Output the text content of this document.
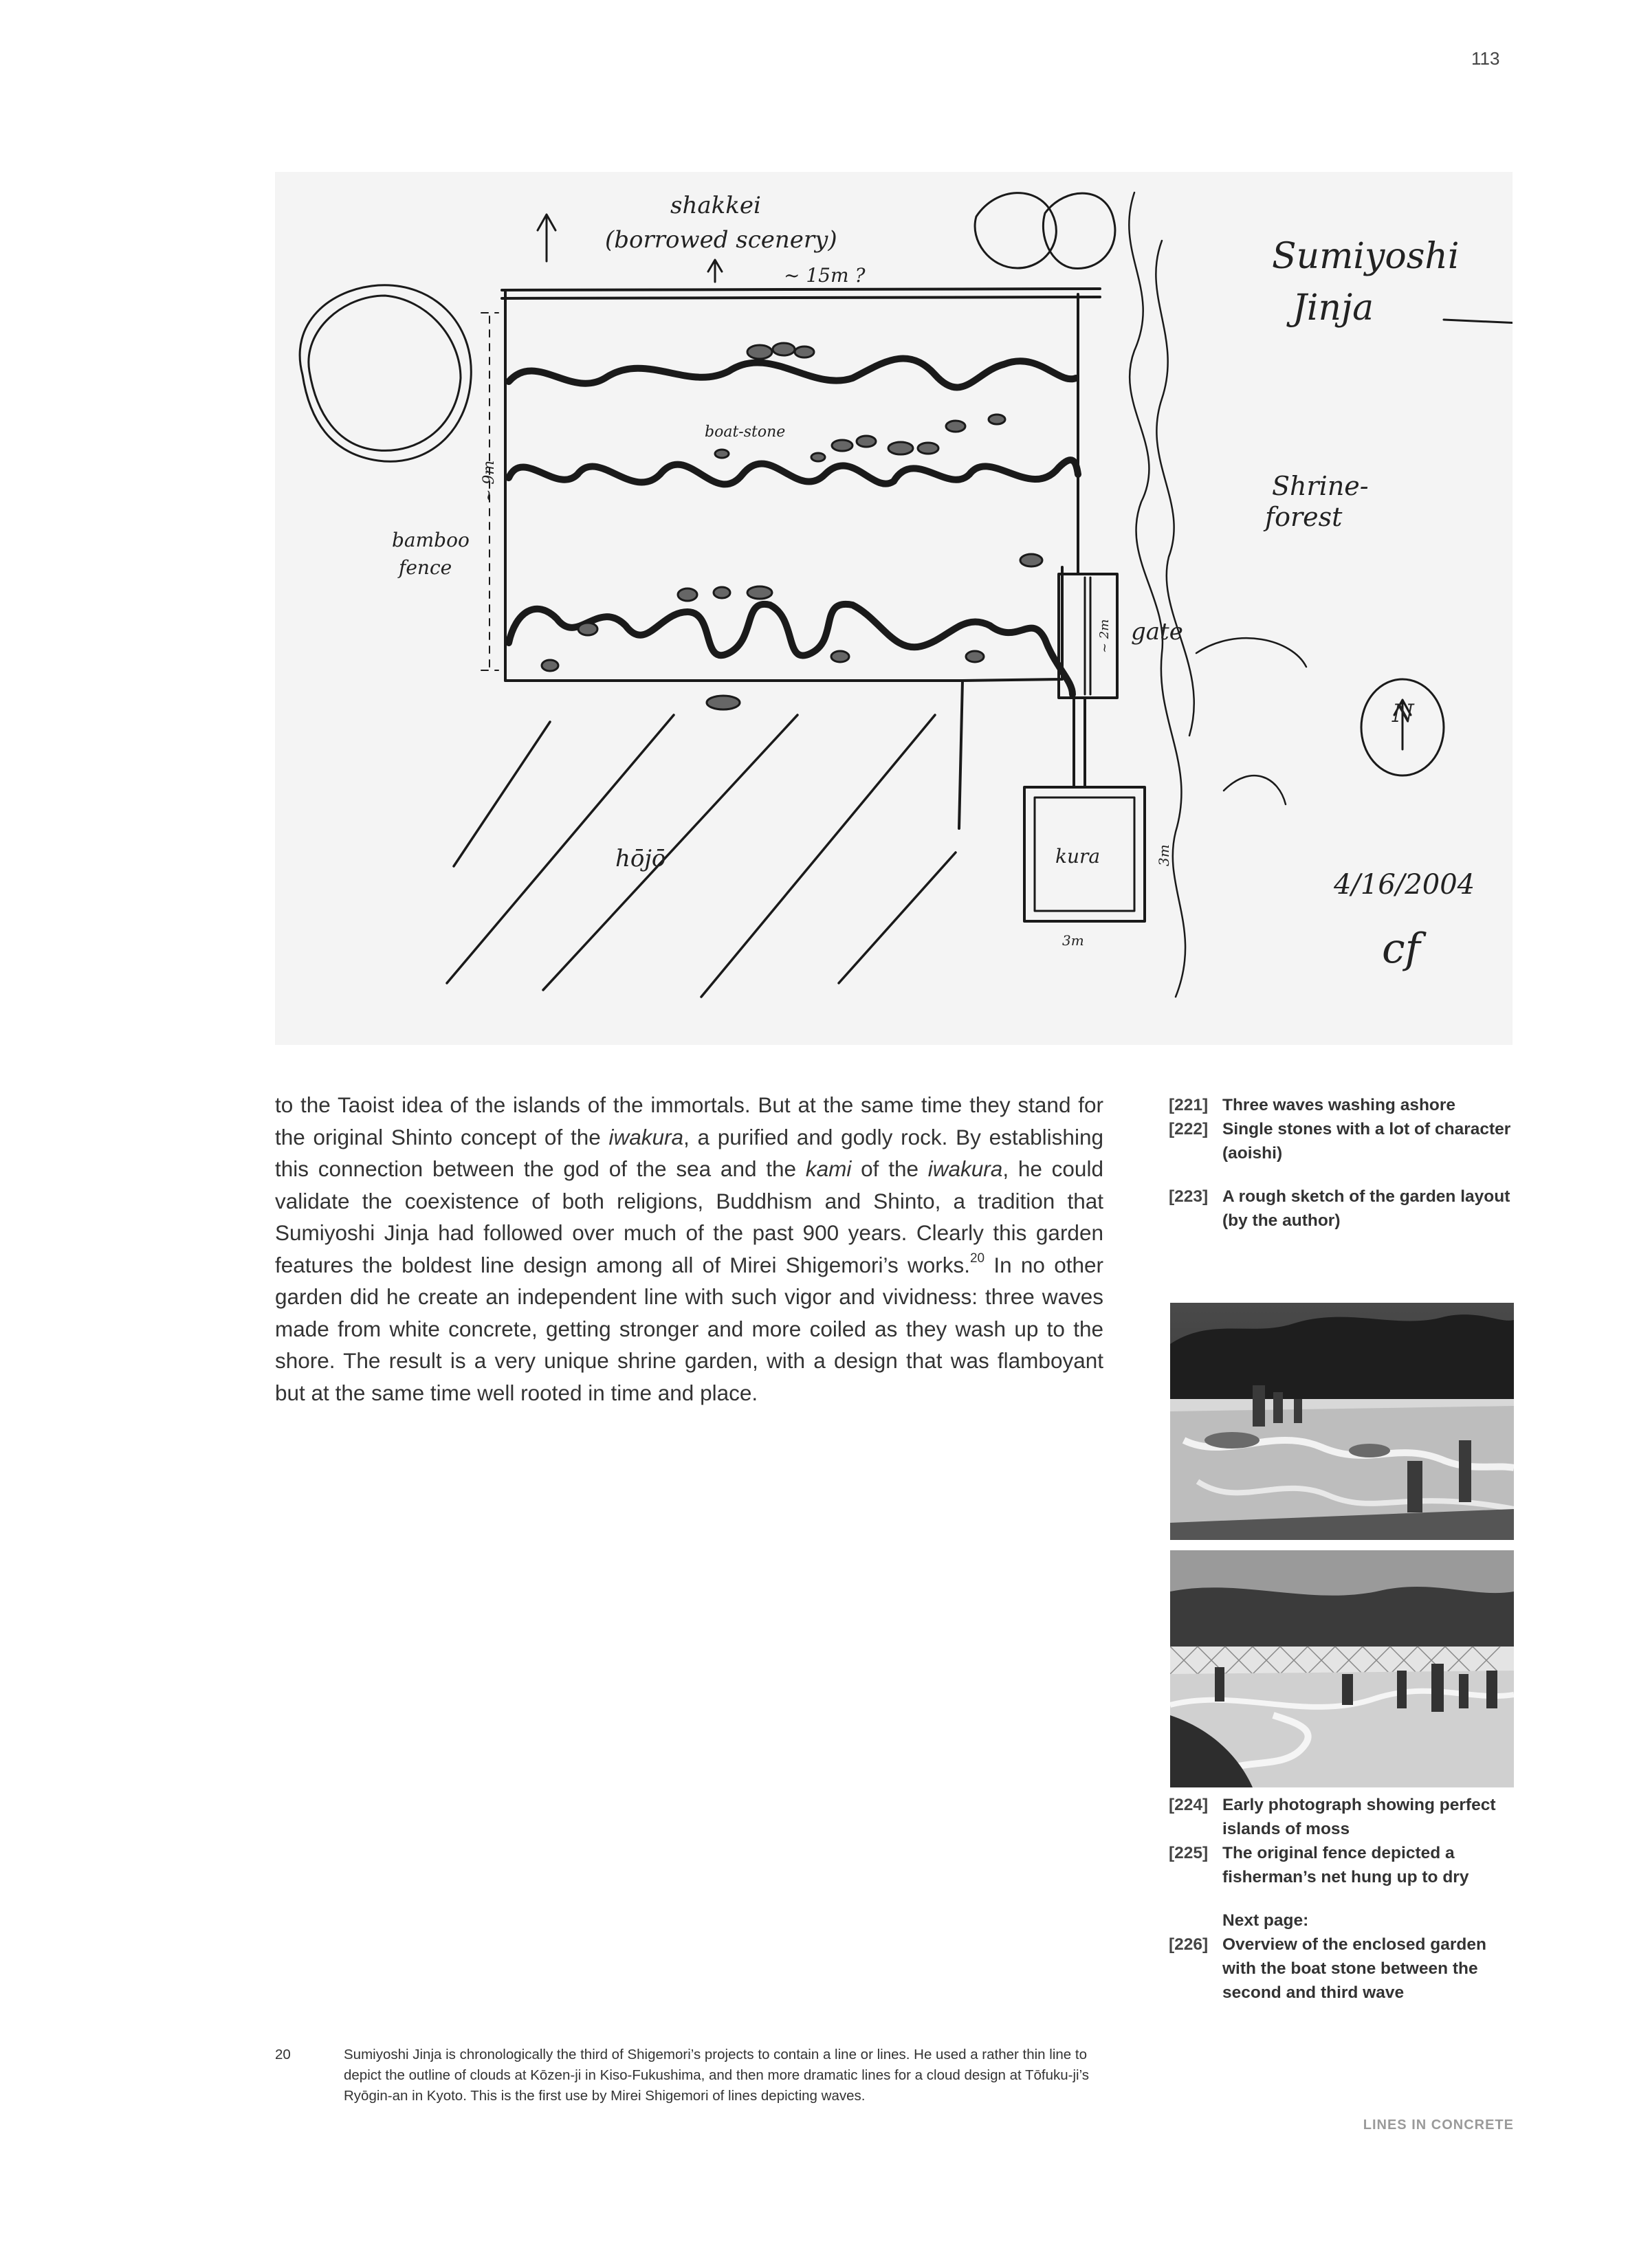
113
shakkei
(borrowed scenery)
~ 15m ?	Sumiyoshi
Jinja
Shrine-
forest
bamboo
fence
~ 9m
boat-stone
gate
~ 2m
N
hōjō	kura
3m
3m
4/16/2004
cf
to the Taoist idea of the islands of the immortals. But at the same time they stand for the original Shinto concept of the iwakura, a purified and godly rock. By establishing this connection between the god of the sea and the kami of the iwakura, he could validate the coexistence of both religions, Buddhism and Shinto, a tradition that Sumiyoshi Jinja had followed over much of the past 900 years. Clearly this garden features the boldest line design among all of Mirei Shigemori’s works.$^{20}$ In no other garden did he create an independent line with such vigor and vividness: three waves made from white concrete, getting stronger and more coiled as they wash up to the shore. The result is a very unique shrine garden, with a design that was flamboyant but at the same time well rooted in time and place.
[221] Three waves washing ashore
[222] Single stones with a lot of character (aoishi)
[223] A rough sketch of the garden layout (by the author)
[224] Early photograph showing perfect islands of moss
[225] The original fence depicted a fisherman’s net hung up to dry
Next page:
[226] Overview of the enclosed garden with the boat stone between the second and third wave
20	Sumiyoshi Jinja is chronologically the third of Shigemori’s projects to contain a line or lines. He used a rather thin line to depict the outline of clouds at Kōzen-ji in Kiso-Fukushima, and then more dramatic lines for a cloud design at Tōfuku-ji’s Ryōgin-an in Kyoto. This is the first use by Mirei Shigemori of lines depicting waves.
LINES IN CONCRETE
